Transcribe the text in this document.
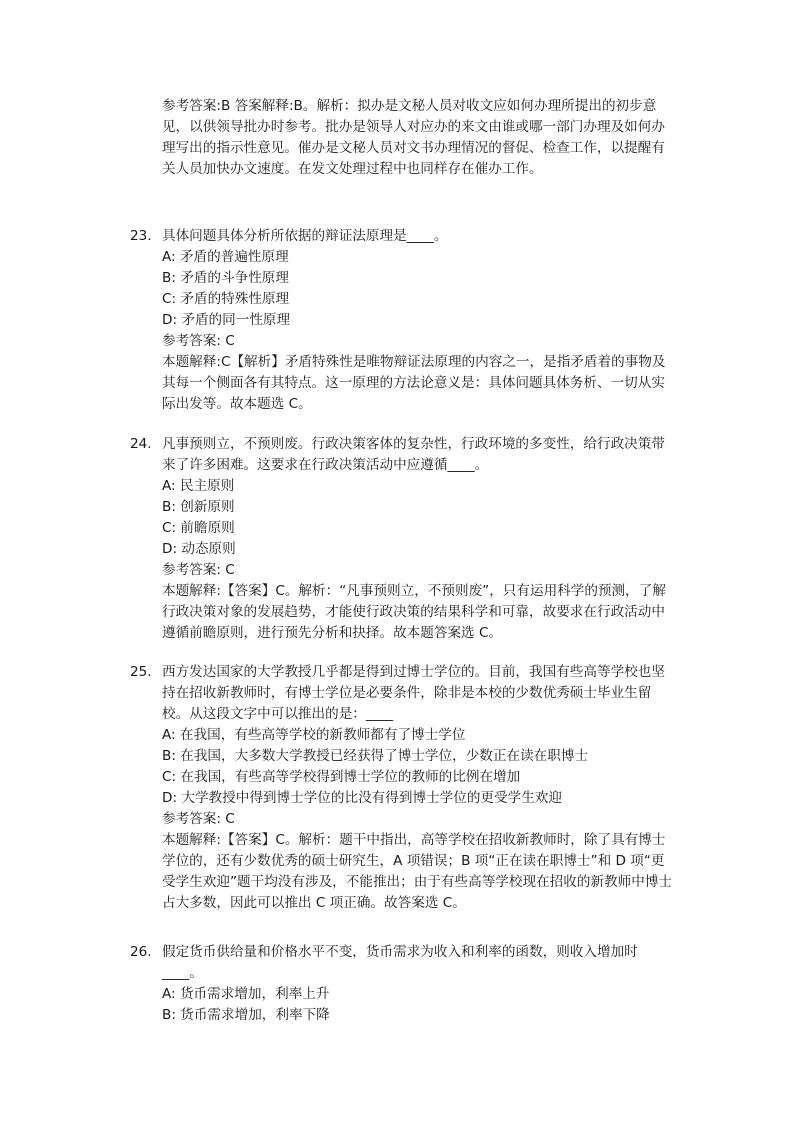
参考答案:B 答案解释:B。解析：拟办是文秘人员对收文应如何办理所提出的初步意见，以供领导批办时参考。批办是领导人对应办的来文由谁或哪一部门办理及如何办理写出的指示性意见。催办是文秘人员对文书办理情况的督促、检查工作，以提醒有关人员加快办文速度。在发文处理过程中也同样存在催办工作。

23. 具体问题具体分析所依据的辩证法原理是____。

A: 矛盾的普遍性原理

B: 矛盾的斗争性原理

C: 矛盾的特殊性原理

D: 矛盾的同一性原理

参考答案: C

本题解释:C【解析】矛盾特殊性是唯物辩证法原理的内容之一，是指矛盾着的事物及其每一个侧面各有其特点。这一原理的方法论意义是：具体问题具体务析、一切从实际出发等。故本题选 C。

24. 凡事预则立，不预则废。行政决策客体的复杂性，行政环境的多变性，给行政决策带来了许多困难。这要求在行政决策活动中应遵循____。

A: 民主原则

B: 创新原则

C: 前瞻原则

D: 动态原则

参考答案: C

本题解释:【答案】C。解析：“凡事预则立，不预则废”，只有运用科学的预测，了解行政决策对象的发展趋势，才能使行政决策的结果科学和可靠，故要求在行政活动中遵循前瞻原则，进行预先分析和抉择。故本题答案选 C。

25. 西方发达国家的大学教授几乎都是得到过博士学位的。目前，我国有些高等学校也坚持在招收新教师时，有博士学位是必要条件，除非是本校的少数优秀硕士毕业生留校。从这段文字中可以推出的是：____

A: 在我国，有些高等学校的新教师都有了博士学位

B: 在我国，大多数大学教授已经获得了博士学位，少数正在读在职博士

C: 在我国，有些高等学校得到博士学位的教师的比例在增加

D: 大学教授中得到博士学位的比没有得到博士学位的更受学生欢迎

参考答案: C

本题解释:【答案】C。解析：题干中指出，高等学校在招收新教师时，除了具有博士学位的，还有少数优秀的硕士研究生，A 项错误；B 项“正在读在职博士”和 D 项“更受学生欢迎”题干均没有涉及，不能推出；由于有些高等学校现在招收的新教师中博士占大多数，因此可以推出 C 项正确。故答案选 C。

26. 假定货币供给量和价格水平不变，货币需求为收入和利率的函数，则收入增加时____。

A: 货币需求增加，利率上升

B: 货币需求增加，利率下降
